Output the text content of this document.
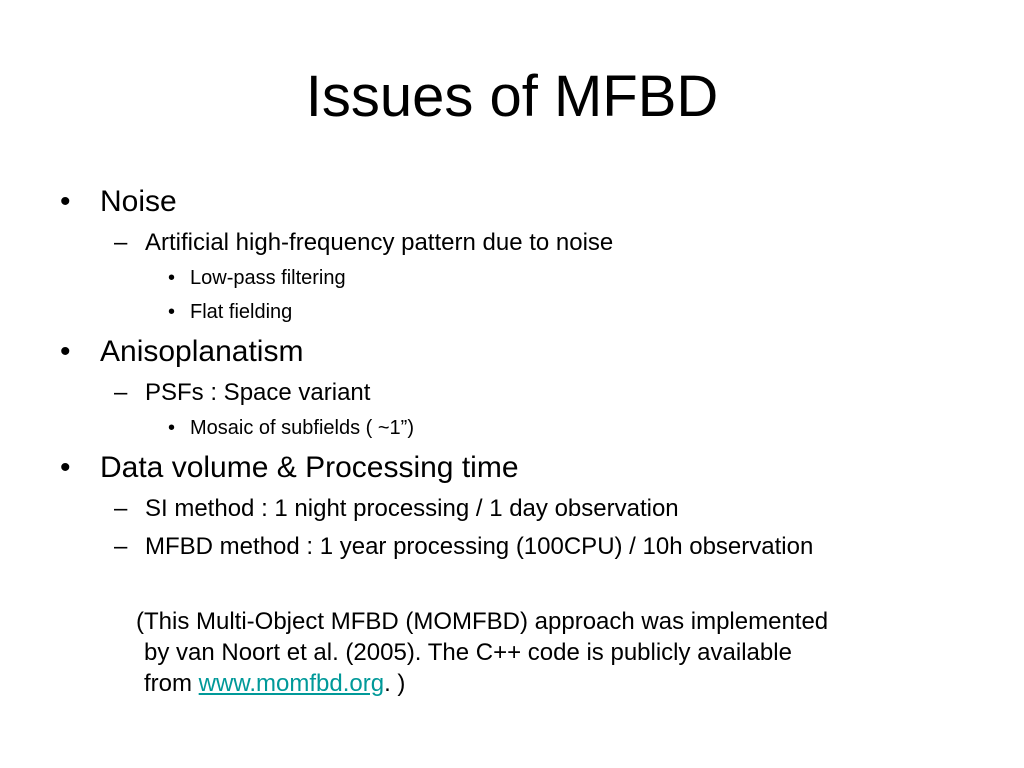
Issues of MFBD
• Noise
– Artificial high-frequency pattern due to noise
• Low-pass filtering
• Flat fielding
• Anisoplanatism
– PSFs : Space variant
• Mosaic of subfields ( ~1”)
• Data volume & Processing time
– SI method : 1 night processing / 1 day observation
– MFBD method : 1 year processing (100CPU) / 10h observation
(This Multi-Object MFBD (MOMFBD) approach was implemented
by van Noort et al. (2005). The C++ code is publicly available
from www.momfbd.org. )
